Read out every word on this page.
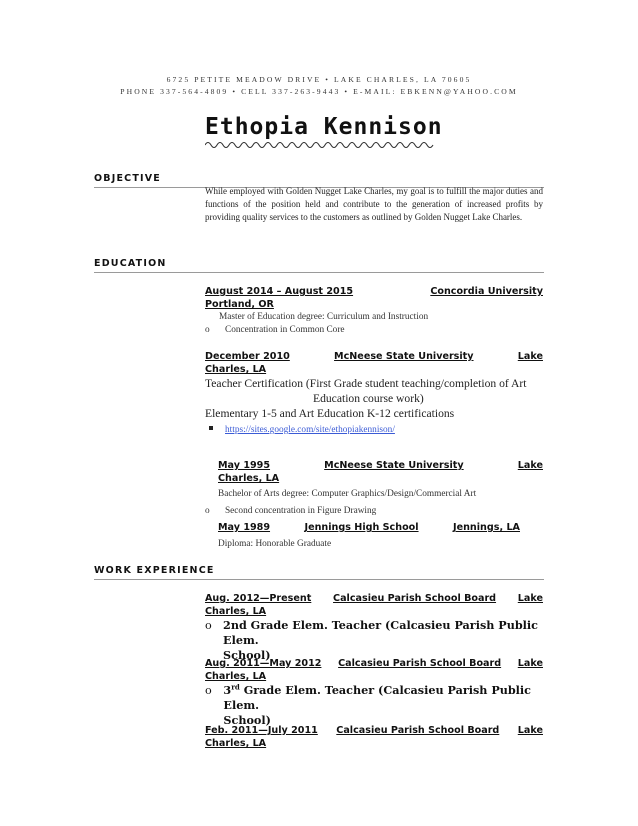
6725 PETITE MEADOW DRIVE • LAKE CHARLES, LA 70605
PHONE 337-564-4809 • CELL 337-263-9443 • E-MAIL: EBKENN@YAHOO.COM
Ethopia Kennison
OBJECTIVE
While employed with Golden Nugget Lake Charles, my goal is to fulfill the major duties and functions of the position held and contribute to the generation of increased profits by providing quality services to the customers as outlined by Golden Nugget Lake Charles.
EDUCATION
August 2014 – August 2015	Concordia University
Portland, OR
Master of Education degree: Curriculum and Instruction
o Concentration in Common Core
December 2010	McNeese State University	Lake
Charles, LA
Teacher Certification (First Grade student teaching/completion of Art
Education course work)
Elementary 1-5 and Art Education K-12 certifications
https://sites.google.com/site/ethopiakennison/
May 1995	McNeese State University	Lake
Charles, LA
Bachelor of Arts degree: Computer Graphics/Design/Commercial Art
o Second concentration in Figure Drawing
May 1989	Jennings High School	Jennings, LA
Diploma: Honorable Graduate
WORK EXPERIENCE
Aug. 2012—Present Calcasieu Parish School Board Lake
Charles, LA
o	2nd Grade Elem. Teacher (Calcasieu Parish Public Elem.
School)
Aug. 2011—May 2012 Calcasieu Parish School Board Lake
Charles, LA
o	3rd Grade Elem. Teacher (Calcasieu Parish Public Elem.
School)
Feb. 2011—July 2011 Calcasieu Parish School Board Lake
Charles, LA
